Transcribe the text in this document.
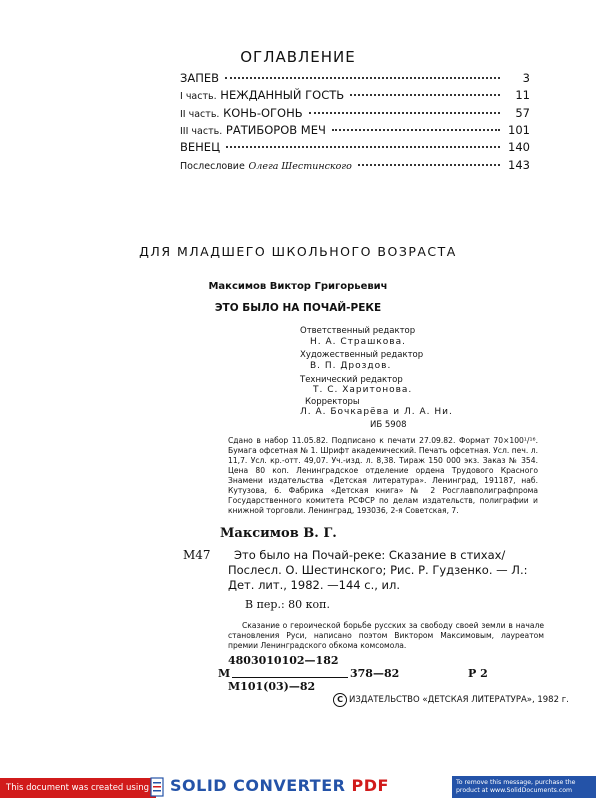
ОГЛАВЛЕНИЕ
ЗАПЕВ	3
I часть. НЕЖДАННЫЙ ГОСТЬ	11
II часть. КОНЬ-ОГОНЬ	57
III часть. РАТИБОРОВ МЕЧ	101
ВЕНЕЦ	140
Послесловие Олега Шестинского	143
ДЛЯ МЛАДШЕГО ШКОЛЬНОГО ВОЗРАСТА
Максимов Виктор Григорьевич
ЭТО БЫЛО НА ПОЧАЙ-РЕКЕ
Ответственный редактор
Н. А. Страшкова.
Художественный редактор
В. П. Дроздов.
Технический редактор
Т. С. Харитонова.
Корректоры
Л. А. Бочкарёва и Л. А. Ни.
ИБ 5908
Сдано в набор 11.05.82. Подписано к печати 27.09.82. Формат 70×100¹/¹⁶. Бумага офсетная № 1. Шрифт академический. Печать офсетная. Усл. печ. л. 11,7. Усл. кр.-отт. 49,07. Уч.-изд. л. 8,38. Тираж 150 000 экз. Заказ № 354. Цена 80 коп. Ленинградское отделение ордена Трудового Красного Знамени издательства «Детская литература». Ленинград, 191187, наб. Кутузова, 6. Фабрика «Детская книга» № 2 Росглавполиграфпрома Государственного комитета РСФСР по делам издательств, полиграфии и книжной торговли. Ленинград, 193036, 2-я Советская, 7.
Максимов В. Г.
М47	Это было на Почай-реке: Сказание в стихах/
Послесл. О. Шестинского; Рис. Р. Гудзенко. — Л.:
Дет. лит., 1982. —144 с., ил.
В пер.: 80 коп.
Сказание о героической борьбе русских за свободу своей земли в начале становления Руси, написано поэтом Виктором Максимовым, лауреатом премии Ленинградского обкома комсомола.
4803010102—182
М	378—82
М101(03)—82
Р 2
С ИЗДАТЕЛЬСТВО «ДЕТСКАЯ ЛИТЕРАТУРА», 1982 г.
This document was created using	SOLID CONVERTER PDF	To remove this message, purchase the product at www.SolidDocuments.com
